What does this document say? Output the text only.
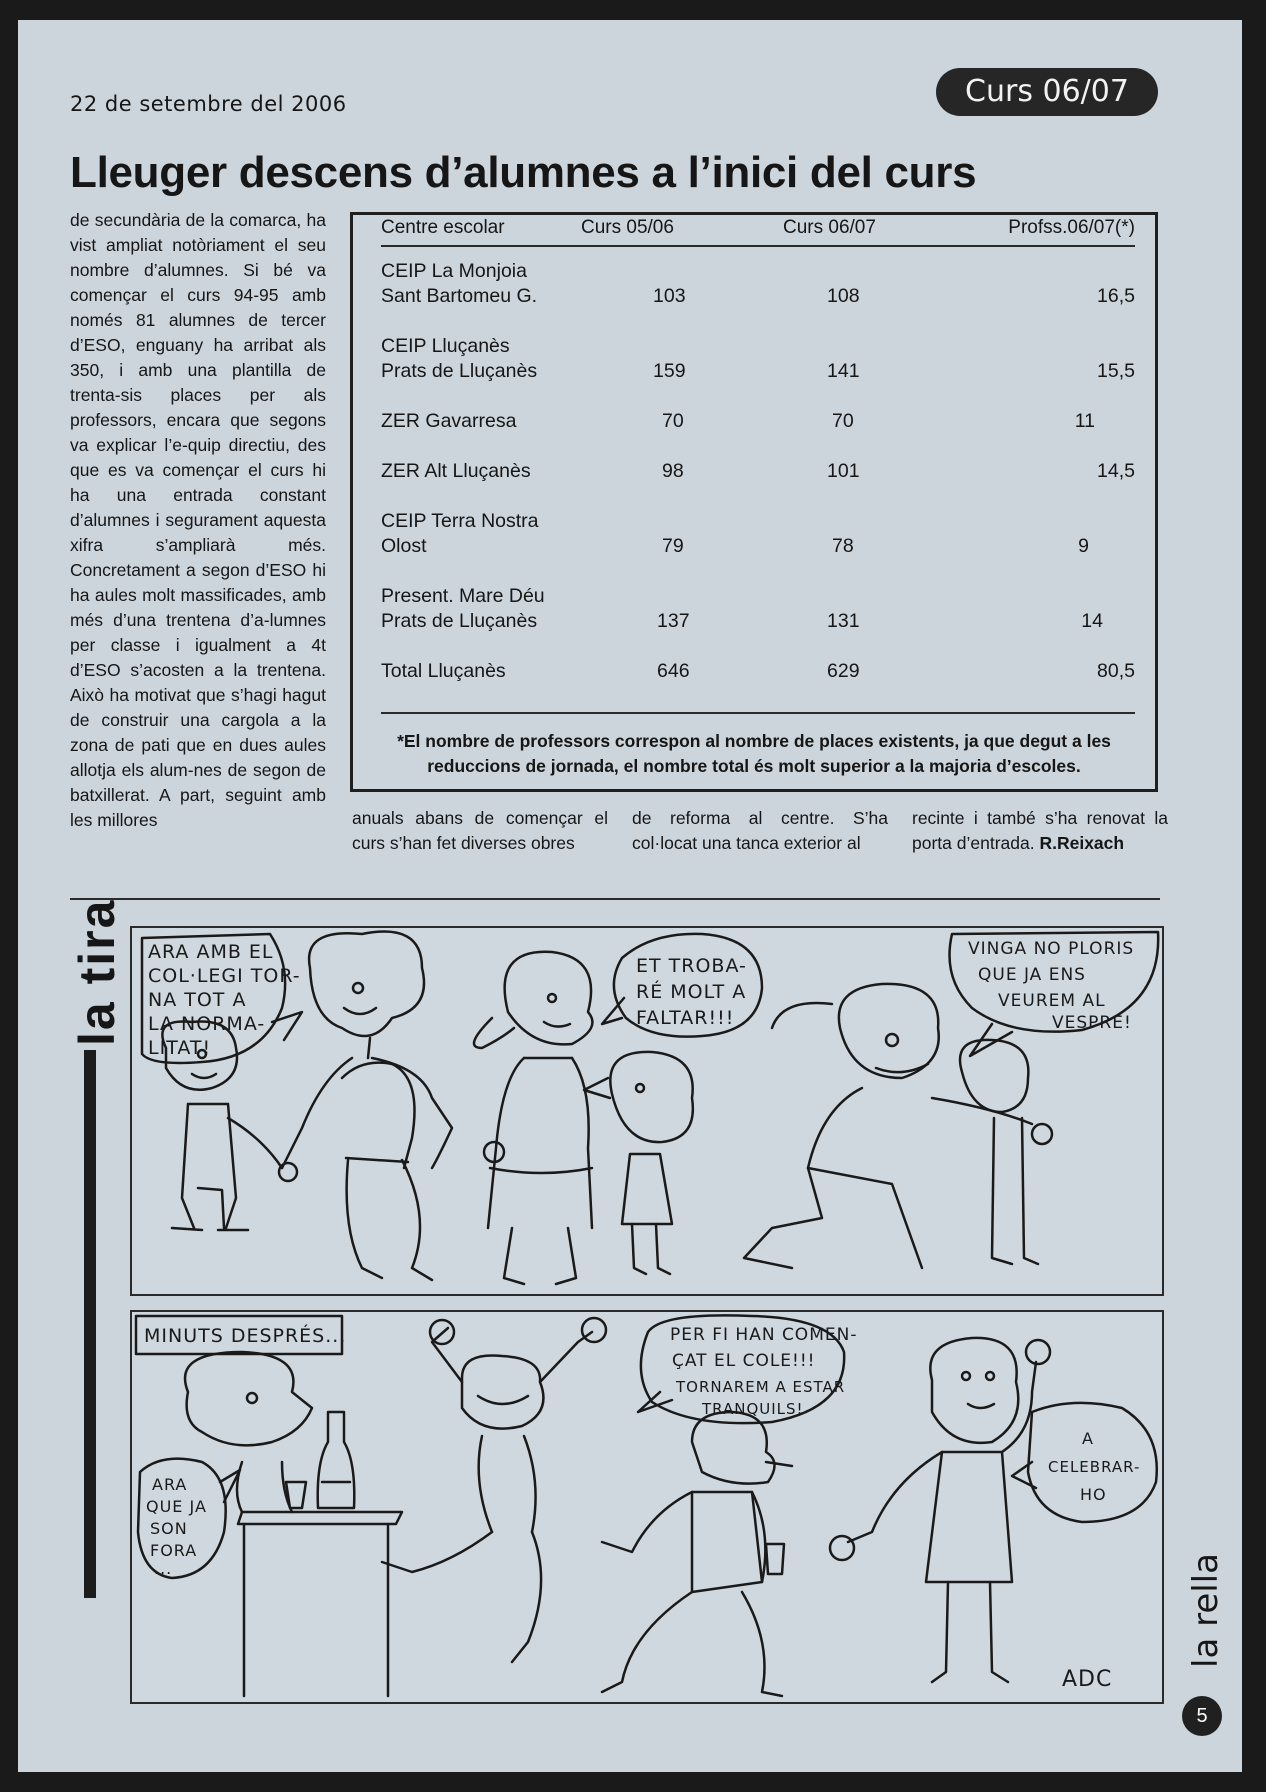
22 de setembre del 2006	Curs 06/07
Lleuger descens d’alumnes a l’inici del curs

de secundària de la comarca, ha vist ampliat notòriament el seu nombre d’alumnes. Si bé va començar el curs 94-95 amb només 81 alumnes de tercer d’ESO, enguany ha arribat als 350, i amb una plantilla de trenta-sis places per als professors, encara que segons va explicar l’e-quip directiu, des que es va començar el curs hi ha una entrada constant d’alumnes i segurament aquesta xifra s’ampliarà més. Concretament a segon d’ESO hi ha aules molt massificades, amb més d’una trentena d’a-lumnes per classe i igualment a 4t d’ESO s’acosten a la trentena. Això ha motivat que s’hagi hagut de construir una cargola a la zona de pati que en dues aules allotja els alum-nes de segon de batxillerat. A part, seguint amb les millores

Centre escolar	Curs 05/06	Curs 06/07	Profss.06/07(*)
CEIP La Monjoia
Sant Bartomeu G.	103	108	16,5
CEIP Lluçanès
Prats de Lluçanès	159	141	15,5
ZER Gavarresa	70	70	11
ZER Alt Lluçanès	98	101	14,5
CEIP Terra Nostra
Olost	79	78	9
Present. Mare Déu
Prats de Lluçanès	137	131	14
Total Lluçanès	646	629	80,5
*El nombre de professors correspon al nombre de places existents, ja que degut a les reduccions de jornada, el nombre total és molt superior a la majoria d’escoles.

anuals abans de començar el curs s’han fet diverses obres

de reforma al centre. S’ha col·locat una tanca exterior al

recinte i també s’ha renovat la porta d’entrada. R.Reixach

la tira	ARA AMB EL
COL·LEGI TOR-
NA TOT A
LA NORMA-
LITAT!
ET TROBA-
RÉ MOLT A
FALTAR!!!
VINGA NO PLORIS
QUE JA ENS
VEUREM AL
VESPRE!
MINUTS DESPRÉS...
ARA
QUE JA
SON
FORA
...
PER FI HAN COMEN-
ÇAT EL COLE!!!
TORNAREM A ESTAR
TRANQUILS!
A
CELEBRAR-
HO
ADC
la rella
5
